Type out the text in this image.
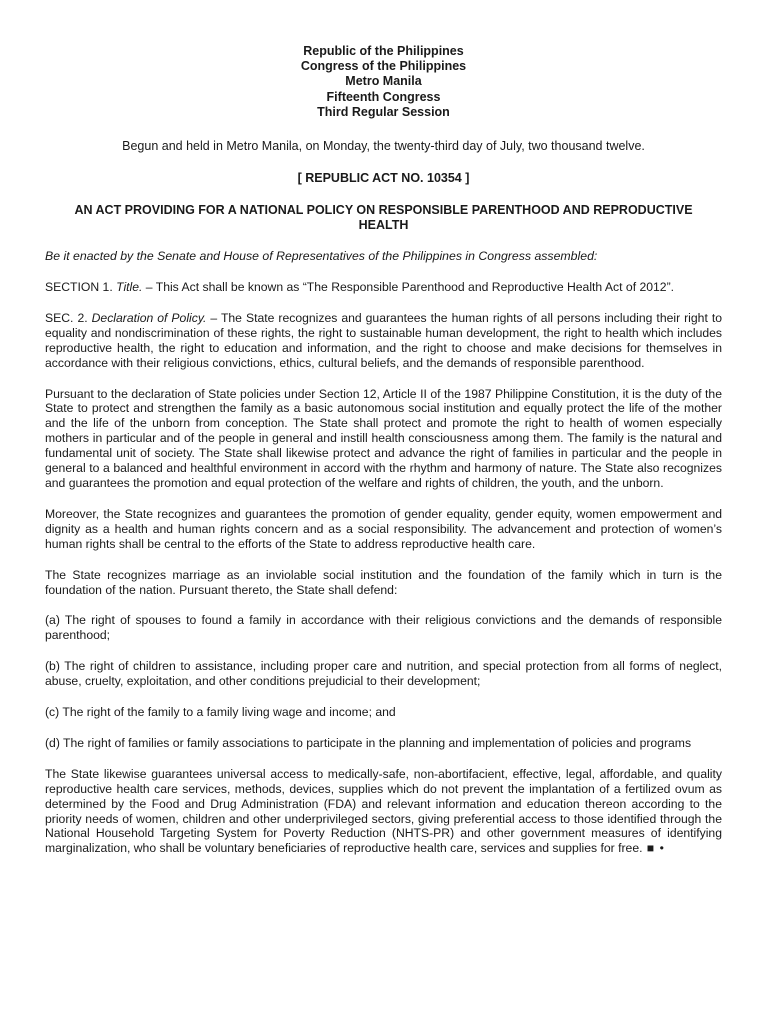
Republic of the Philippines
Congress of the Philippines
Metro Manila
Fifteenth Congress
Third Regular Session
Begun and held in Metro Manila, on Monday, the twenty-third day of July, two thousand twelve.
[ REPUBLIC ACT NO. 10354 ]
AN ACT PROVIDING FOR A NATIONAL POLICY ON RESPONSIBLE PARENTHOOD AND REPRODUCTIVE HEALTH
Be it enacted by the Senate and House of Representatives of the Philippines in Congress assembled:

SECTION 1. Title. – This Act shall be known as “The Responsible Parenthood and Reproductive Health Act of 2012”.

SEC. 2. Declaration of Policy. – The State recognizes and guarantees the human rights of all persons including their right to equality and nondiscrimination of these rights, the right to sustainable human development, the right to health which includes reproductive health, the right to education and information, and the right to choose and make decisions for themselves in accordance with their religious convictions, ethics, cultural beliefs, and the demands of responsible parenthood.

Pursuant to the declaration of State policies under Section 12, Article II of the 1987 Philippine Constitution, it is the duty of the State to protect and strengthen the family as a basic autonomous social institution and equally protect the life of the mother and the life of the unborn from conception. The State shall protect and promote the right to health of women especially mothers in particular and of the people in general and instill health consciousness among them. The family is the natural and fundamental unit of society. The State shall likewise protect and advance the right of families in particular and the people in general to a balanced and healthful environment in accord with the rhythm and harmony of nature. The State also recognizes and guarantees the promotion and equal protection of the welfare and rights of children, the youth, and the unborn.

Moreover, the State recognizes and guarantees the promotion of gender equality, gender equity, women empowerment and dignity as a health and human rights concern and as a social responsibility. The advancement and protection of women’s human rights shall be central to the efforts of the State to address reproductive health care.

The State recognizes marriage as an inviolable social institution and the foundation of the family which in turn is the foundation of the nation. Pursuant thereto, the State shall defend:

(a) The right of spouses to found a family in accordance with their religious convictions and the demands of responsible parenthood;

(b) The right of children to assistance, including proper care and nutrition, and special protection from all forms of neglect, abuse, cruelty, exploitation, and other conditions prejudicial to their development;

(c) The right of the family to a family living wage and income; and

(d) The right of families or family associations to participate in the planning and implementation of policies and programs

The State likewise guarantees universal access to medically-safe, non-abortifacient, effective, legal, affordable, and quality reproductive health care services, methods, devices, supplies which do not prevent the implantation of a fertilized ovum as determined by the Food and Drug Administration (FDA) and relevant information and education thereon according to the priority needs of women, children and other underprivileged sectors, giving preferential access to those identified through the National Household Targeting System for Poverty Reduction (NHTS-PR) and other government measures of identifying marginalization, who shall be voluntary beneficiaries of reproductive health care, services and supplies for free. ■ •
